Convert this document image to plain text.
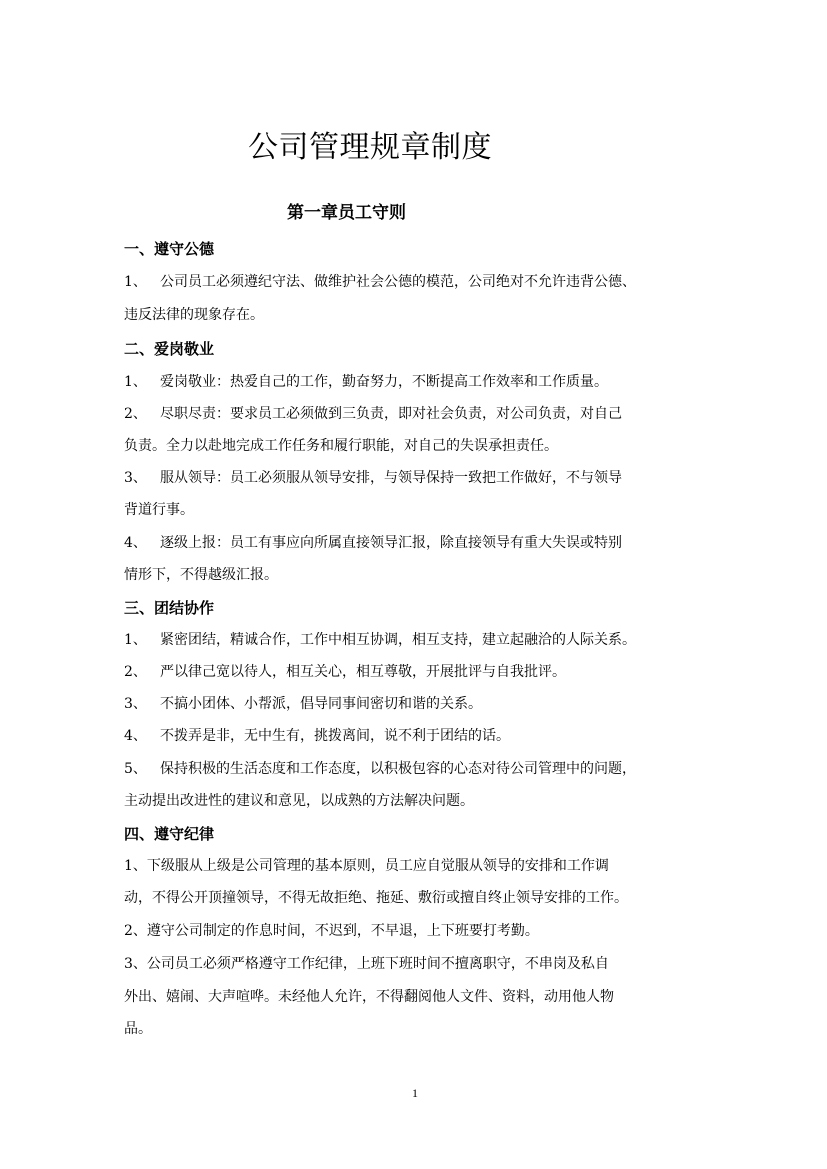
公司管理规章制度
第一章员工守则
一、遵守公德
1、 公司员工必须遵纪守法、做维护社会公德的模范，公司绝对不允许违背公德、
违反法律的现象存在。
二、爱岗敬业
1、 爱岗敬业：热爱自己的工作，勤奋努力，不断提高工作效率和工作质量。
2、 尽职尽责：要求员工必须做到三负责，即对社会负责，对公司负责，对自己
负责。全力以赴地完成工作任务和履行职能，对自己的失误承担责任。
3、 服从领导：员工必须服从领导安排，与领导保持一致把工作做好，不与领导
背道行事。
4、 逐级上报：员工有事应向所属直接领导汇报，除直接领导有重大失误或特别
情形下，不得越级汇报。
三、团结协作
1、 紧密团结，精诚合作，工作中相互协调，相互支持，建立起融洽的人际关系。
2、 严以律己宽以待人，相互关心，相互尊敬，开展批评与自我批评。
3、 不搞小团体、小帮派，倡导同事间密切和谐的关系。
4、 不拨弄是非，无中生有，挑拨离间，说不利于团结的话。
5、 保持积极的生活态度和工作态度，以积极包容的心态对待公司管理中的问题，
主动提出改进性的建议和意见，以成熟的方法解决问题。
四、遵守纪律
1、下级服从上级是公司管理的基本原则，员工应自觉服从领导的安排和工作调
动，不得公开顶撞领导，不得无故拒绝、拖延、敷衍或擅自终止领导安排的工作。
2、遵守公司制定的作息时间，不迟到，不早退，上下班要打考勤。
3、公司员工必须严格遵守工作纪律，上班下班时间不擅离职守，不串岗及私自
外出、嬉闹、大声喧哗。未经他人允许，不得翻阅他人文件、资料，动用他人物
品。
1
